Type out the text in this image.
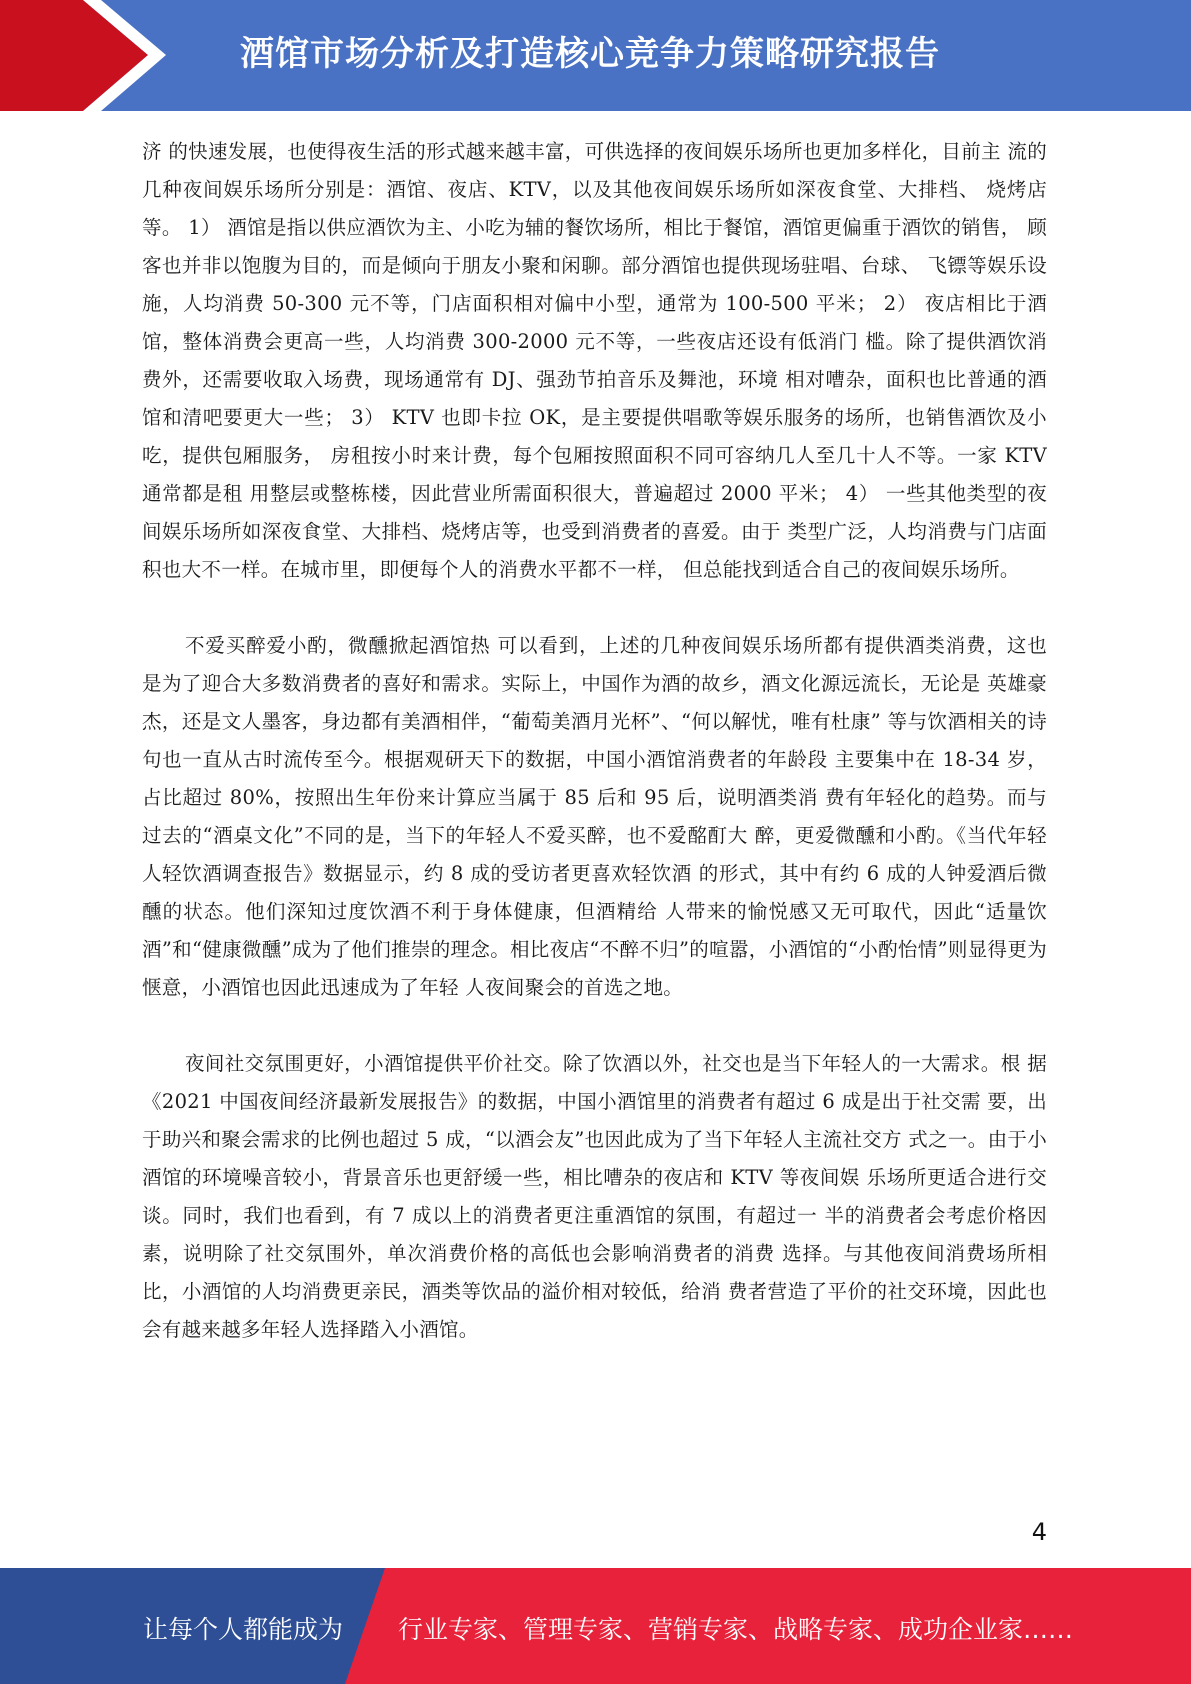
酒馆市场分析及打造核心竞争力策略研究报告

济 的快速发展，也使得夜生活的形式越来越丰富，可供选择的夜间娱乐场所也更加多样化，目前主 流的几种夜间娱乐场所分别是：酒馆、夜店、KTV，以及其他夜间娱乐场所如深夜食堂、大排档、 烧烤店等。 1） 酒馆是指以供应酒饮为主、小吃为辅的餐饮场所，相比于餐馆，酒馆更偏重于酒饮的销售， 顾客也并非以饱腹为目的，而是倾向于朋友小聚和闲聊。部分酒馆也提供现场驻唱、台球、 飞镖等娱乐设施，人均消费 50-300 元不等，门店面积相对偏中小型，通常为 100-500 平米； 2） 夜店相比于酒馆，整体消费会更高一些，人均消费 300-2000 元不等，一些夜店还设有低消门 槛。除了提供酒饮消费外，还需要收取入场费，现场通常有 DJ、强劲节拍音乐及舞池，环境 相对嘈杂，面积也比普通的酒馆和清吧要更大一些； 3） KTV 也即卡拉 OK，是主要提供唱歌等娱乐服务的场所，也销售酒饮及小吃，提供包厢服务， 房租按小时来计费，每个包厢按照面积不同可容纳几人至几十人不等。一家 KTV 通常都是租 用整层或整栋楼，因此营业所需面积很大，普遍超过 2000 平米； 4） 一些其他类型的夜间娱乐场所如深夜食堂、大排档、烧烤店等，也受到消费者的喜爱。由于 类型广泛，人均消费与门店面积也大不一样。在城市里，即便每个人的消费水平都不一样， 但总能找到适合自己的夜间娱乐场所。

不爱买醉爱小酌，微醺掀起酒馆热 可以看到，上述的几种夜间娱乐场所都有提供酒类消费，这也 是为了迎合大多数消费者的喜好和需求。实际上，中国作为酒的故乡，酒文化源远流长，无论是 英雄豪杰，还是文人墨客，身边都有美酒相伴，“葡萄美酒月光杯”、“何以解忧，唯有杜康” 等与饮酒相关的诗句也一直从古时流传至今。根据观研天下的数据，中国小酒馆消费者的年龄段 主要集中在 18-34 岁，占比超过 80%，按照出生年份来计算应当属于 85 后和 95 后，说明酒类消 费有年轻化的趋势。而与过去的“酒桌文化”不同的是，当下的年轻人不爱买醉，也不爱酩酊大 醉，更爱微醺和小酌。《当代年轻人轻饮酒调查报告》数据显示，约 8 成的受访者更喜欢轻饮酒 的形式，其中有约 6 成的人钟爱酒后微醺的状态。他们深知过度饮酒不利于身体健康，但酒精给 人带来的愉悦感又无可取代，因此“适量饮酒”和“健康微醺”成为了他们推崇的理念。相比夜店“不醉不归”的喧嚣，小酒馆的“小酌怡情”则显得更为惬意，小酒馆也因此迅速成为了年轻 人夜间聚会的首选之地。

夜间社交氛围更好，小酒馆提供平价社交。除了饮酒以外，社交也是当下年轻人的一大需求。根 据《2021 中国夜间经济最新发展报告》的数据，中国小酒馆里的消费者有超过 6 成是出于社交需 要，出于助兴和聚会需求的比例也超过 5 成，“以酒会友”也因此成为了当下年轻人主流社交方 式之一。由于小酒馆的环境噪音较小，背景音乐也更舒缓一些，相比嘈杂的夜店和 KTV 等夜间娱 乐场所更适合进行交谈。同时，我们也看到，有 7 成以上的消费者更注重酒馆的氛围，有超过一 半的消费者会考虑价格因素，说明除了社交氛围外，单次消费价格的高低也会影响消费者的消费 选择。与其他夜间消费场所相比，小酒馆的人均消费更亲民，酒类等饮品的溢价相对较低，给消 费者营造了平价的社交环境，因此也会有越来越多年轻人选择踏入小酒馆。

4
让每个人都能成为 行业专家、管理专家、营销专家、战略专家、成功企业家……
